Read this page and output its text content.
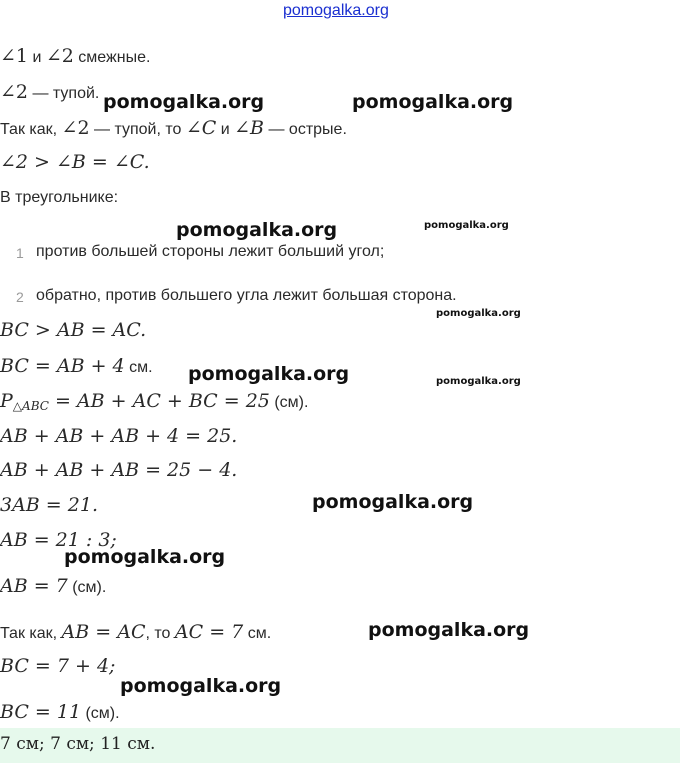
pomogalka.org
∠1 и ∠2 смежные.
∠2 — тупой.
Так как, ∠2 — тупой, то ∠C и ∠B — острые.
∠2 > ∠B = ∠C.
В треугольнике:
1 против большей стороны лежит больший угол;
2 обратно, против большего угла лежит большая сторона.
BC > AB = AC.
BC = AB + 4 см.
$P_{\triangle ABC}$ = AB + AC + BC = 25 (см).
AB + AB + AB + 4 = 25.
AB + AB + AB = 25 − 4.
3AB = 21.
AB = 21 : 3;
AB = 7 (см).
Так как, AB = AC, то AC = 7 см.
BC = 7 + 4;
BC = 11 (см).
7 см; 7 см; 11 см.
pomogalka.org	pomogalka.org
pomogalka.org	pomogalka.org
pomogalka.org
pomogalka.org	pomogalka.org
pomogalka.org
pomogalka.org
pomogalka.org
pomogalka.org
